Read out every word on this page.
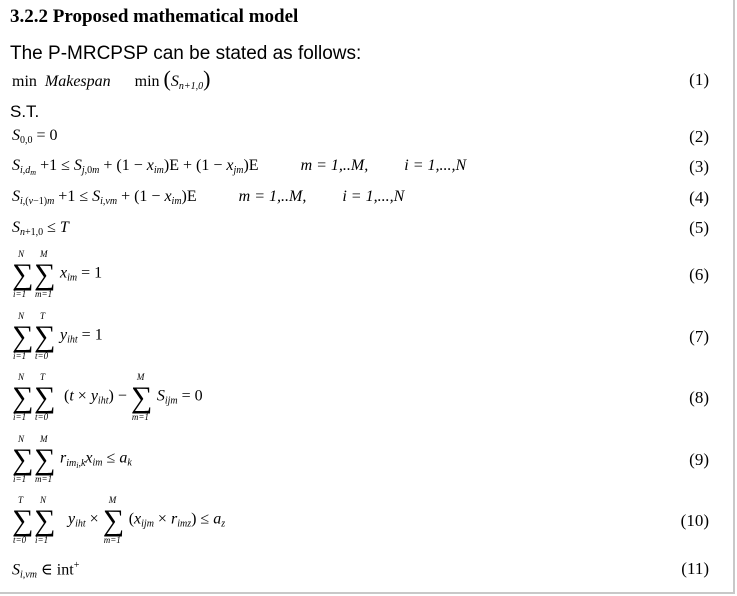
3.2.2 Proposed mathematical model
The P-MRCPSP can be stated as follows:
min Makespan $\min (S_{n+1,0})$	(1)
S.T.
$S_{0,0} = 0$	(2)
$S_{i,d_m} +1 \le S_{j,0m} + (1 - x_{im})E + (1 - x_{jm})E$ m = 1,..M, i = 1,...,N	(3)
$S_{i,(v-1)m} +1 \le S_{i,vm} + (1 - x_{im})E$ m = 1,..M, i = 1,...,N	(4)
$S_{n+1,0} \le T$	(5)
N
∑
i=1
M
∑
m=1
$x_{im} = 1$	(6)
N
∑
i=1
T
∑
t=0
$y_{iht} = 1$	(7)
N
∑
i=1
T
∑
t=0
$(t \times y_{iht})$ −
M
∑
m=1
$S_{ijm} = 0$	(8)
N
∑
i=1
M
∑
m=1
$r_{im_i,k}x_{im} \le a_k$	(9)
T
∑
t=0
N
∑
i=1
$y_{iht}$ ×
M
∑
m=1
$(x_{ijm} \times r_{imz}) \le a_z$	(10)
$S_{i,vm}$ ∈ int+	(11)
